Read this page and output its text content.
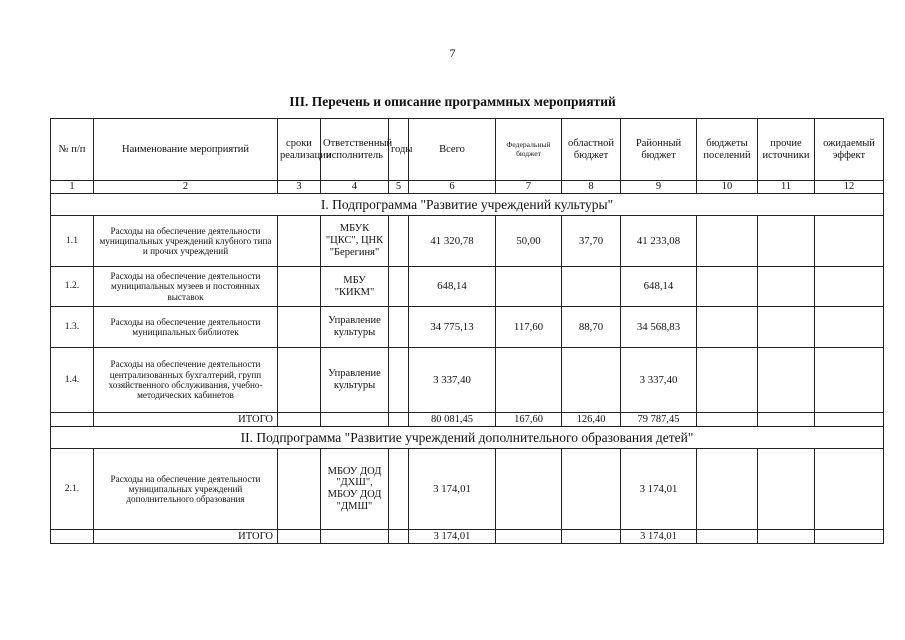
7
III. Перечень и описание программных мероприятий
№ п/п	Наименование мероприятий	сроки реализации	Ответственный исполнитель	годы	Всего	Федеральный бюджет	областной бюджет	Районный бюджет	бюджеты поселений	прочие источники	ожидаемый эффект
1	2	3	4	5	6	7	8	9	10	11	12
I. Подпрограмма "Развитие учреждений культуры"											
1.1	Расходы на обеспечение деятельности муниципальных учреждений клубного типа и прочих учреждений		МБУК "ЦКС", ЦНК "Берегиня"		41 320,78	50,00	37,70	41 233,08			
1.2.	Расходы на обеспечение деятельности муниципальных музеев и постоянных выставок		МБУ "КИКМ"		648,14			648,14			
1.3.	Расходы на обеспечение деятельности муниципальных библиотек		Управление культуры		34 775,13	117,60	88,70	34 568,83			
1.4.	Расходы на обеспечение деятельности централизованных бухгалтерий, групп хозяйственного обслуживания, учебно-методических кабинетов		Управление культуры		3 337,40			3 337,40			
	ИТОГО				80 081,45	167,60	126,40	79 787,45			
II. Подпрограмма "Развитие учреждений дополнительного образования детей"											
2.1.	Расходы на обеспечение деятельности муниципальных учреждений дополнительного образования		МБОУ ДОД "ДХШ", МБОУ ДОД "ДМШ"		3 174,01			3 174,01			
	ИТОГО				3 174,01			3 174,01			
